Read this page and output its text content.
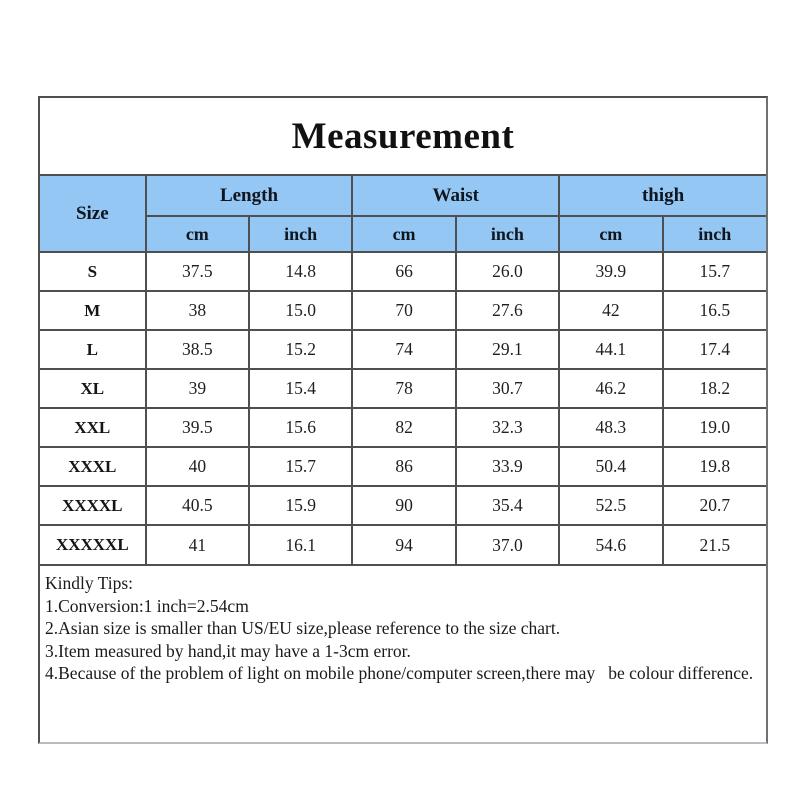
Measurement
Size	Length		Waist		thigh	
	cm	inch	cm	inch	cm	inch
S	37.5	14.8	66	26.0	39.9	15.7
M	38	15.0	70	27.6	42	16.5
L	38.5	15.2	74	29.1	44.1	17.4
XL	39	15.4	78	30.7	46.2	18.2
XXL	39.5	15.6	82	32.3	48.3	19.0
XXXL	40	15.7	86	33.9	50.4	19.8
XXXXL	40.5	15.9	90	35.4	52.5	20.7
XXXXXL	41	16.1	94	37.0	54.6	21.5
Kindly Tips:
1.Conversion:1 inch=2.54cm
2.Asian size is smaller than US/EU size,please reference to the size chart.
3.Item measured by hand,it may have a 1-3cm error.
4.Because of the problem of light on mobile phone/computer screen,there may   be colour difference.
